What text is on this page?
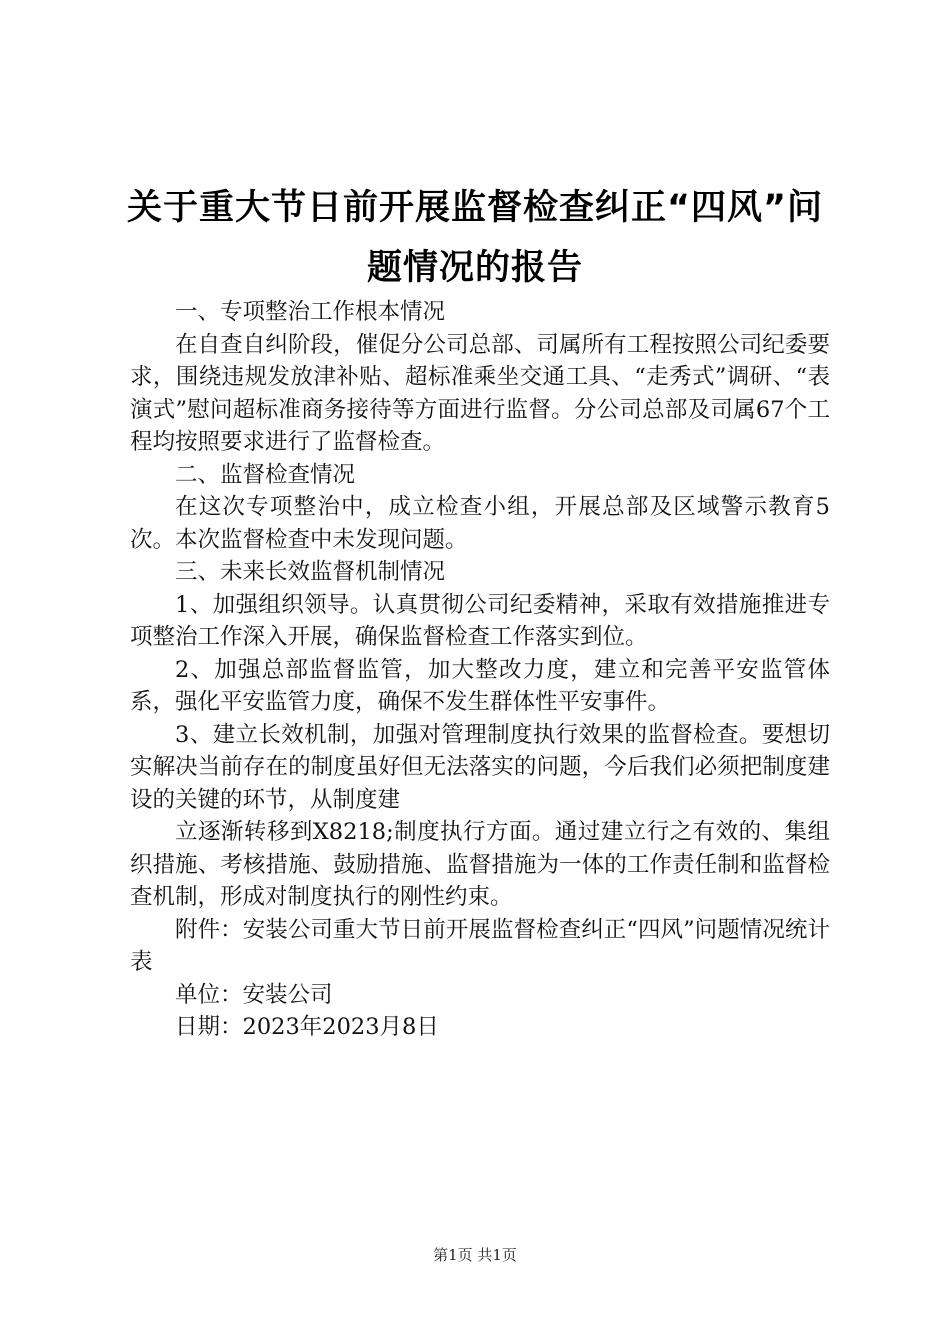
关于重大节日前开展监督检查纠正“四风”问
题情况的报告

一、专项整治工作根本情况

在自查自纠阶段，催促分公司总部、司属所有工程按照公司纪委要求，围绕违规发放津补贴、超标准乘坐交通工具、“走秀式”调研、“表演式”慰问超标准商务接待等方面进行监督。分公司总部及司属67个工程均按照要求进行了监督检查。

二、监督检查情况

在这次专项整治中，成立检查小组，开展总部及区域警示教育5次。本次监督检查中未发现问题。

三、未来长效监督机制情况

1、加强组织领导。认真贯彻公司纪委精神，采取有效措施推进专项整治工作深入开展，确保监督检查工作落实到位。

2、加强总部监督监管，加大整改力度，建立和完善平安监管体系，强化平安监管力度，确保不发生群体性平安事件。

3、建立长效机制，加强对管理制度执行效果的监督检查。要想切实解决当前存在的制度虽好但无法落实的问题，今后我们必须把制度建设的关键的环节，从制度建

立逐渐转移到X8218;制度执行方面。通过建立行之有效的、集组织措施、考核措施、鼓励措施、监督措施为一体的工作责任制和监督检查机制，形成对制度执行的刚性约束。

附件：安装公司重大节日前开展监督检查纠正“四风”问题情况统计表

单位：安装公司

日期：2023年2023月8日

第1页 共1页
